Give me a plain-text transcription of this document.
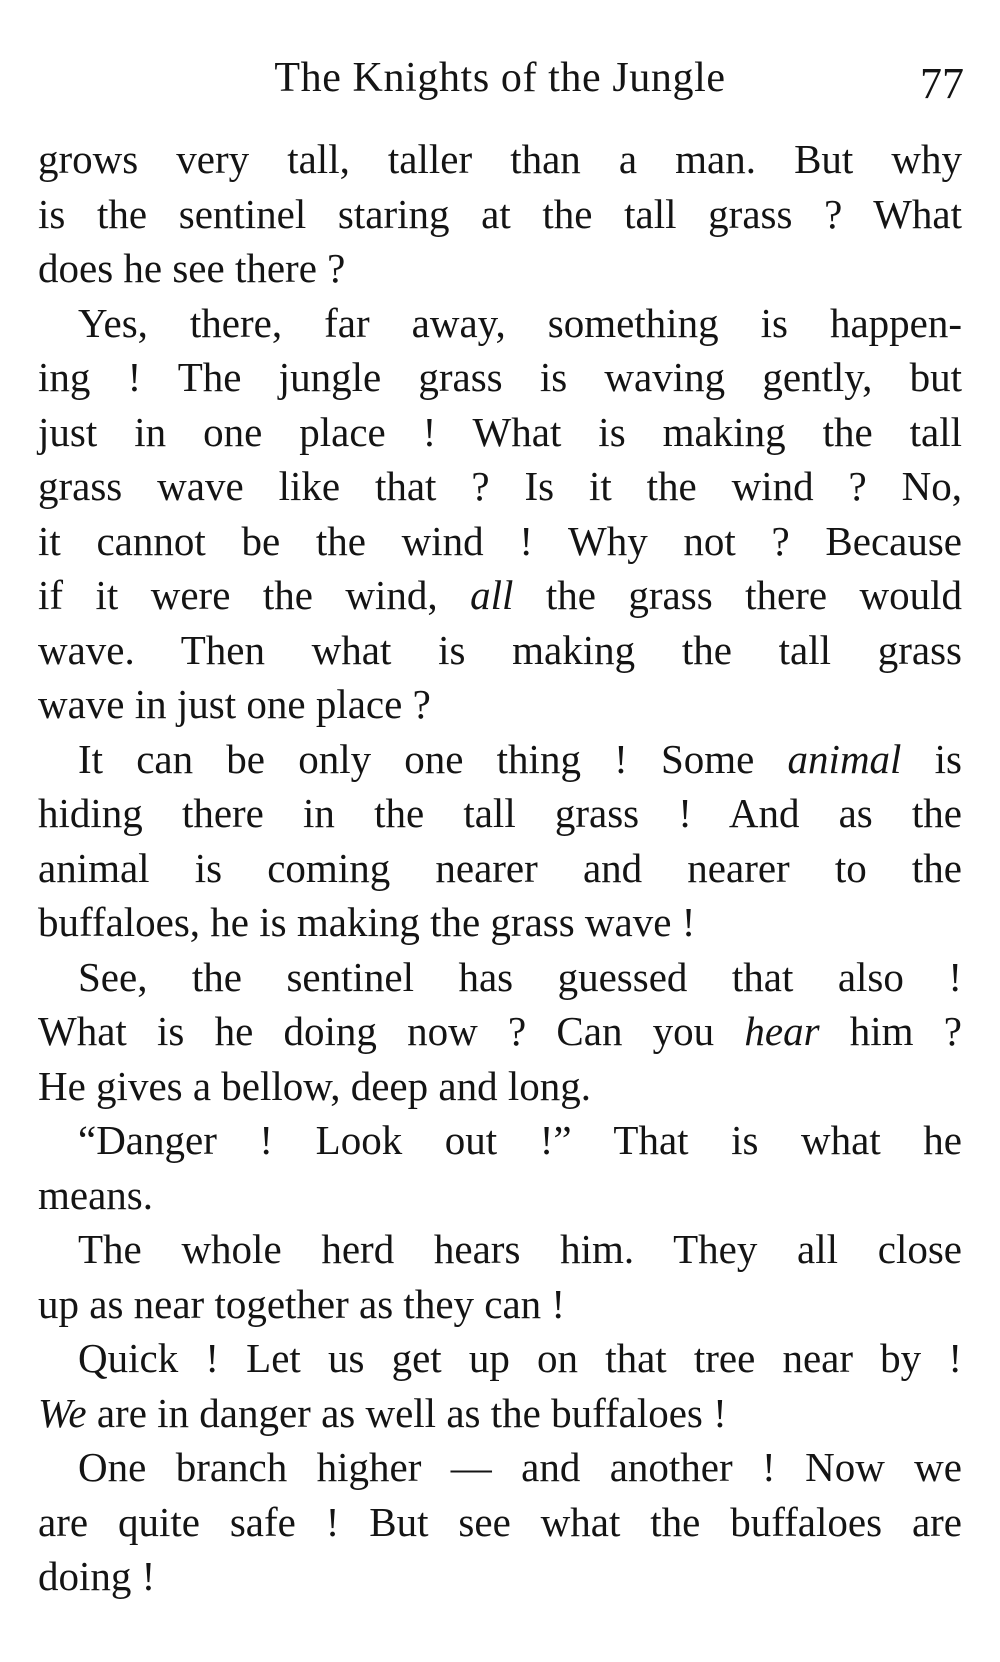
The Knights of the Jungle	77
grows very tall, taller than a man. But why
is the sentinel staring at the tall grass ? What
does he see there ?
Yes, there, far away, something is happen-
ing ! The jungle grass is waving gently, but
just in one place ! What is making the tall
grass wave like that ? Is it the wind ? No,
it cannot be the wind ! Why not ? Because
if it were the wind, all the grass there would
wave. Then what is making the tall grass
wave in just one place ?
It can be only one thing ! Some animal is
hiding there in the tall grass ! And as the
animal is coming nearer and nearer to the
buffaloes, he is making the grass wave !
See, the sentinel has guessed that also !
What is he doing now ? Can you hear him ?
He gives a bellow, deep and long.
“Danger ! Look out !” That is what he
means.
The whole herd hears him. They all close
up as near together as they can !
Quick ! Let us get up on that tree near by !
We are in danger as well as the buffaloes !
One branch higher — and another ! Now we
are quite safe ! But see what the buffaloes are
doing !
